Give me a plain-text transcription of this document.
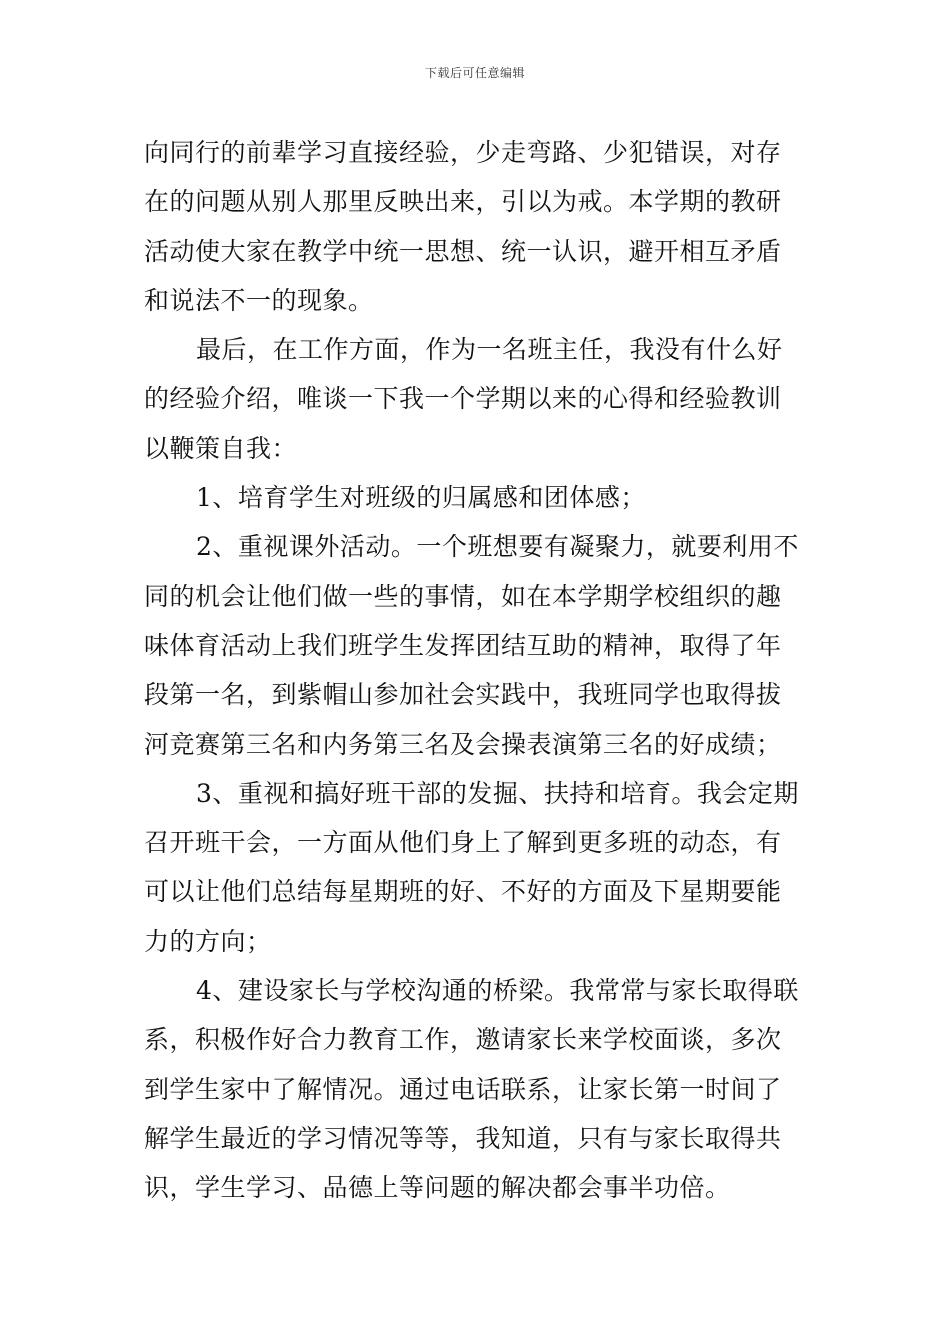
下载后可任意编辑
向同行的前辈学习直接经验，少走弯路、少犯错误，对存
在的问题从别人那里反映出来，引以为戒。本学期的教研
活动使大家在教学中统一思想、统一认识，避开相互矛盾
和说法不一的现象。
最后，在工作方面，作为一名班主任，我没有什么好
的经验介绍，唯谈一下我一个学期以来的心得和经验教训
以鞭策自我：
1、培育学生对班级的归属感和团体感；
2、重视课外活动。一个班想要有凝聚力，就要利用不
同的机会让他们做一些的事情，如在本学期学校组织的趣
味体育活动上我们班学生发挥团结互助的精神，取得了年
段第一名，到紫帽山参加社会实践中，我班同学也取得拔
河竞赛第三名和内务第三名及会操表演第三名的好成绩；
3、重视和搞好班干部的发掘、扶持和培育。我会定期
召开班干会，一方面从他们身上了解到更多班的动态，有
可以让他们总结每星期班的好、不好的方面及下星期要能
力的方向；
4、建设家长与学校沟通的桥梁。我常常与家长取得联
系，积极作好合力教育工作，邀请家长来学校面谈，多次
到学生家中了解情况。通过电话联系，让家长第一时间了
解学生最近的学习情况等等，我知道，只有与家长取得共
识，学生学习、品德上等问题的解决都会事半功倍。
